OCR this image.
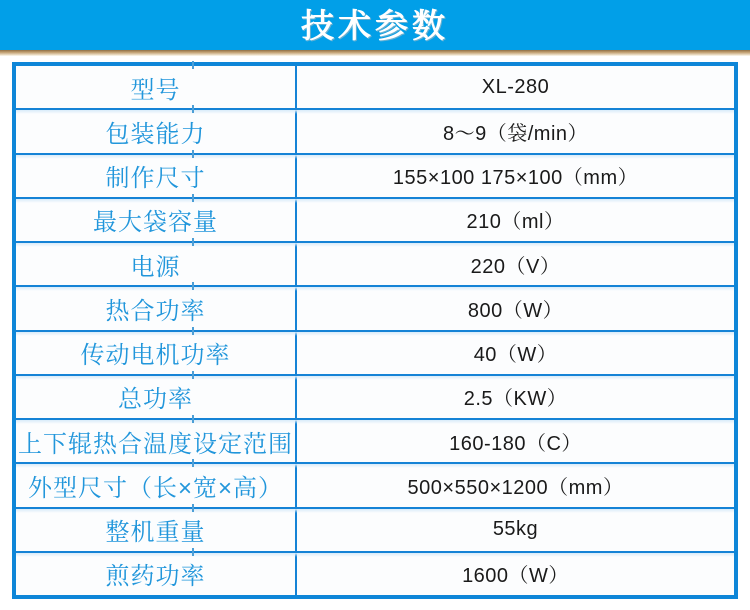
技术参数
型号	XL-280
包装能力	8～9（袋/min）
制作尺寸	155×100 175×100（mm）
最大袋容量	210（ml）
电源	220（V）
热合功率	800（W）
传动电机功率	40（W）
总功率	2.5（KW）
上下辊热合温度设定范围	160-180（C）
外型尺寸（长×宽×高）	500×550×1200（mm）
整机重量	55kg
煎药功率	1600（W）
